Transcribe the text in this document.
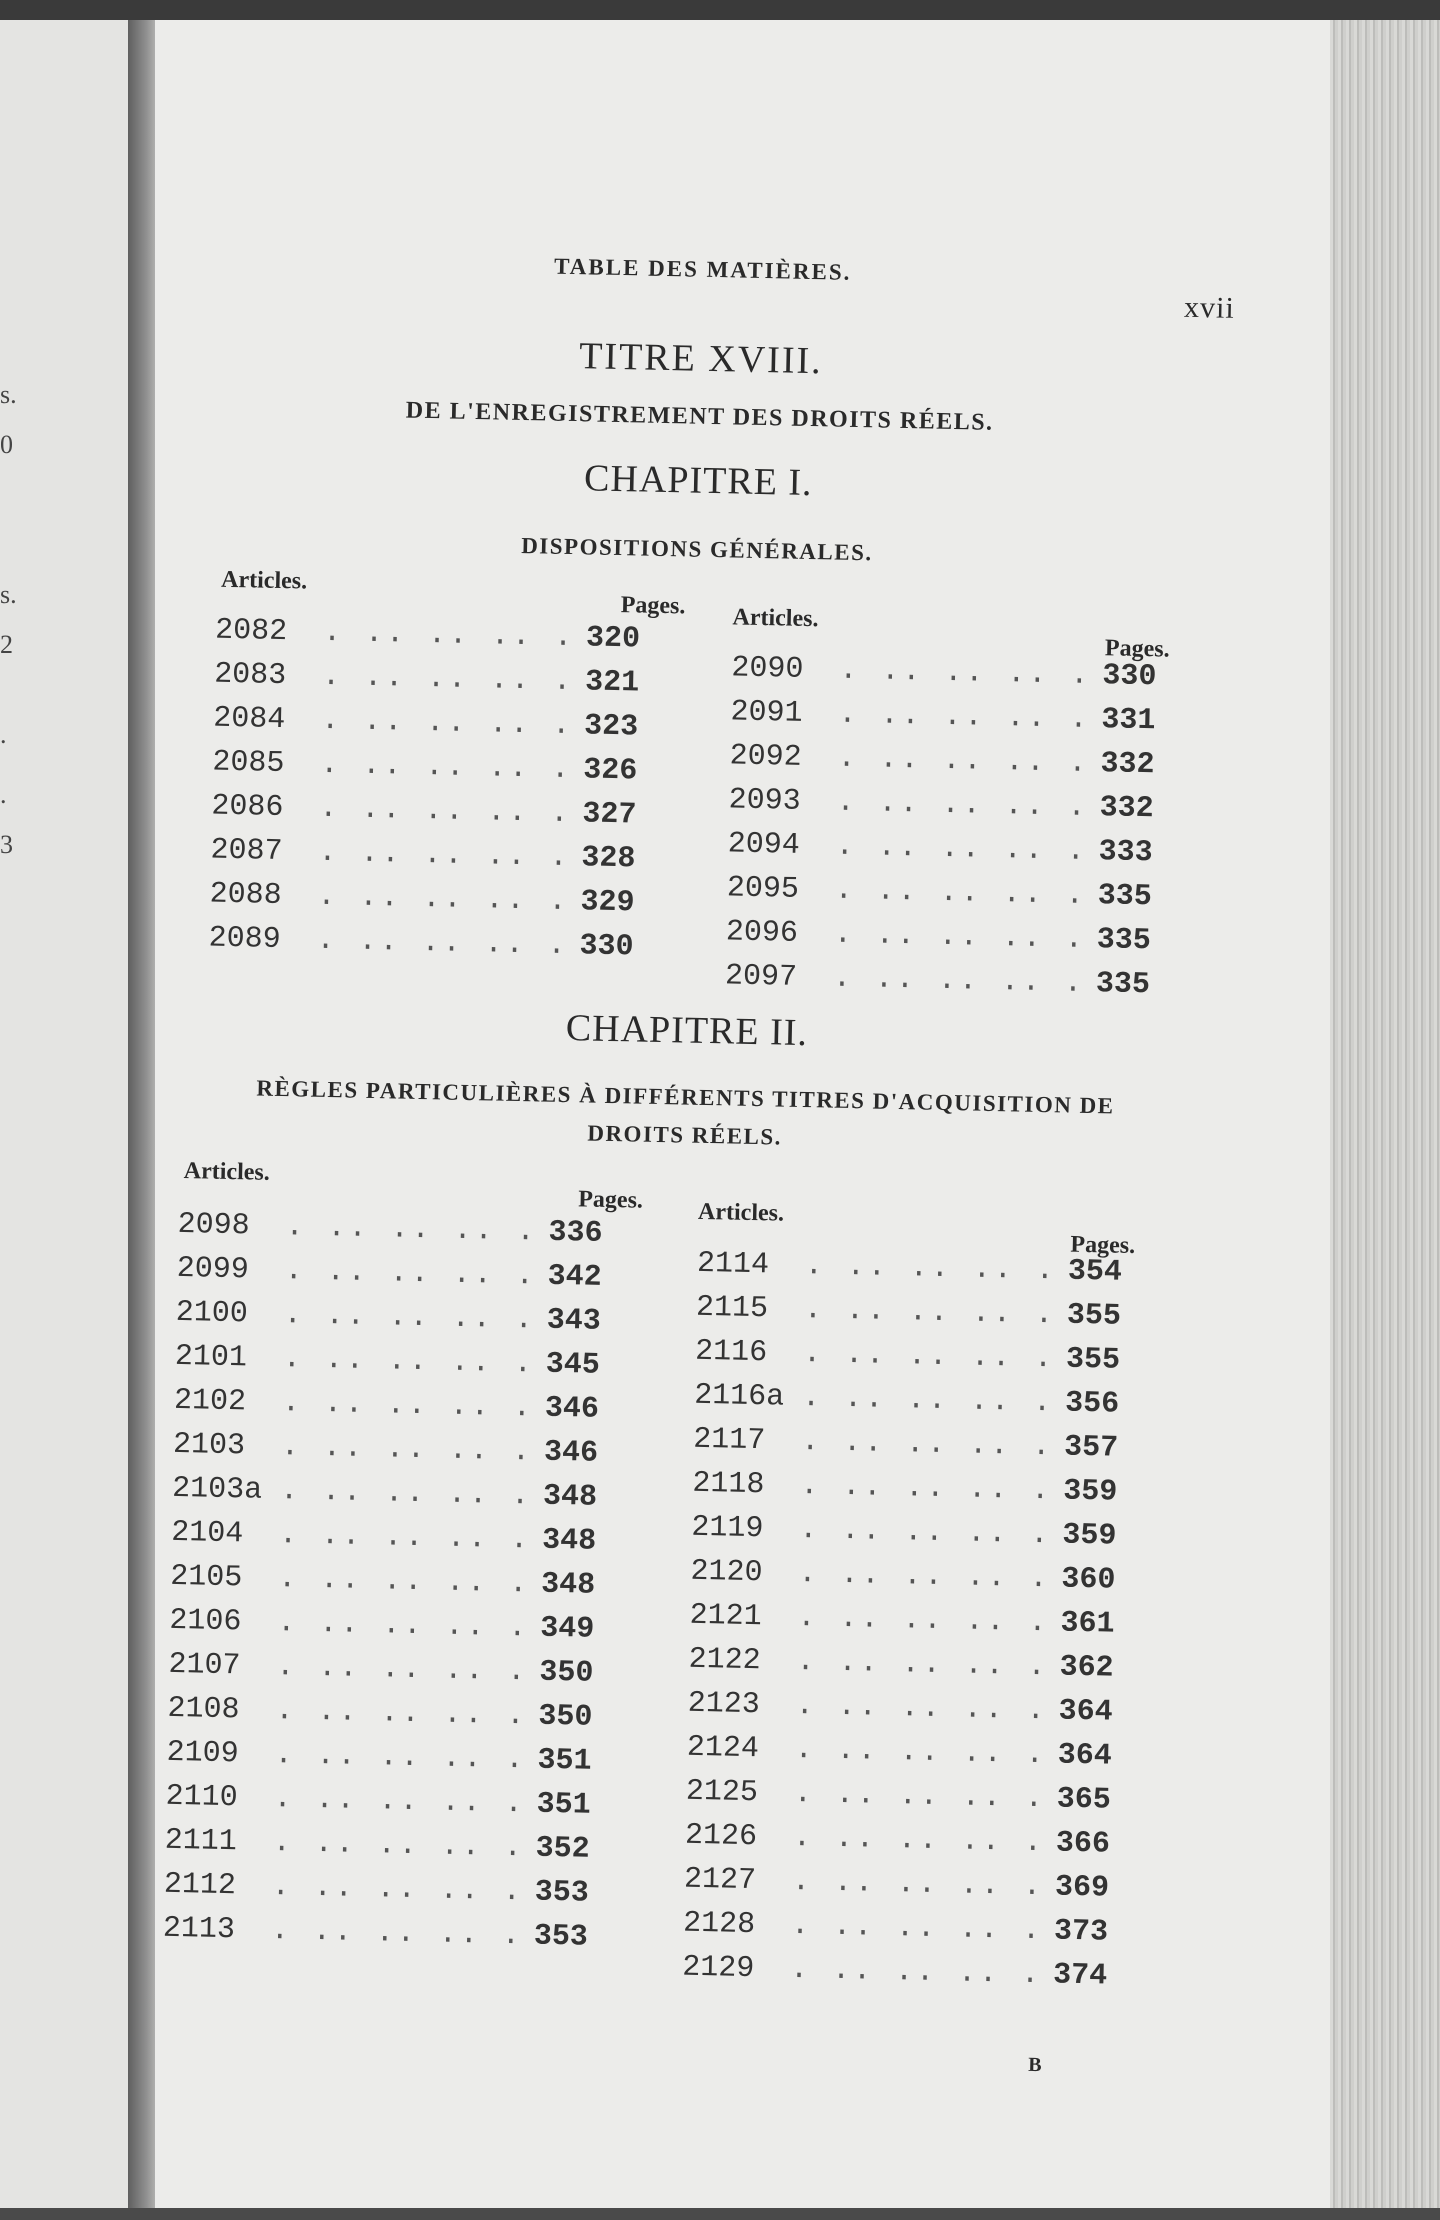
s.
0
s.
2
.
.
3
TABLE DES MATIÈRES.
xvii
TITRE XVIII.
DE L'ENREGISTREMENT DES DROITS RÉELS.
CHAPITRE I.
DISPOSITIONS GÉNÉRALES.
Articles.
Pages. Articles.
Pages.
2082 . ..	320
2083 . ..	321
2084 . ..	323
2085 . ..	326
2086 . ..	327
2087 . ..	328
2088 . ..	329
2089 . ..	330
2090 . ..	330
2091 . ..	331
2092 . ..	332
2093 . ..	332
2094 . ..	333
2095 . ..	335
2096 . ..	335
2097 . ..	335
CHAPITRE II.
RÈGLES PARTICULIÈRES À DIFFÉRENTS TITRES D'ACQUISITION DE
DROITS RÉELS.
Articles.
Pages. Articles.
Pages.
2098 . ..	336
2099 . ..	342
2100 . ..	343
2101 . ..	345
2102 . ..	346
2103 . ..	346
2103a . ..	348
2104 . ..	348
2105 . ..	348
2106 . ..	349
2107 . ..	350
2108 . ..	350
2109 . ..	351
2110 . ..	351
2111 . ..	352
2112 . ..	353
2113 . ..	353
2114 . ..	354
2115 . ..	355
2116 . ..	355
2116a . ..	356
2117 . ..	357
2118 . ..	359
2119 . ..	359
2120 . ..	360
2121 . ..	361
2122 . ..	362
2123 . ..	364
2124 . ..	364
2125 . ..	365
2126 . ..	366
2127 . ..	369
2128 . ..	373
2129 . ..	374
B
